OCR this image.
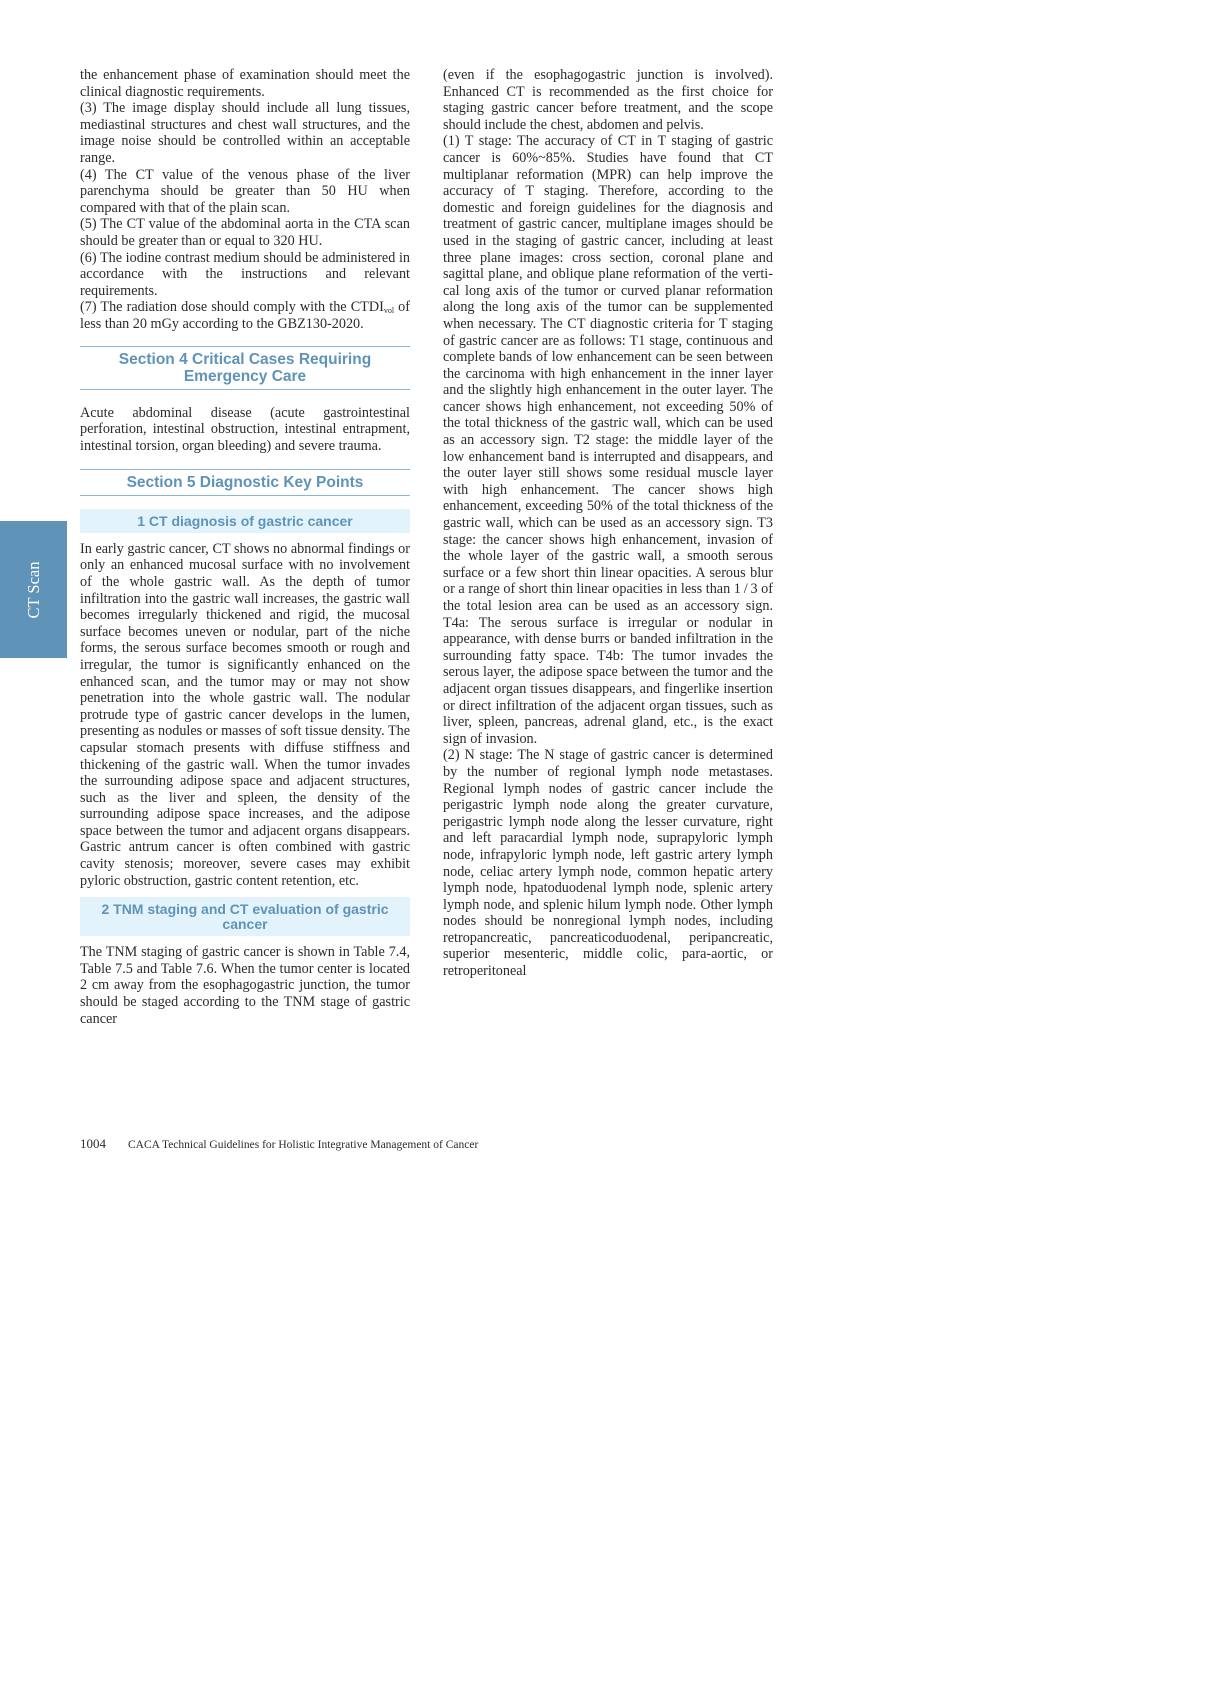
CT Scan

the enhancement phase of examination should meet the clinical diagnostic requirements.

(3) The image display should include all lung tissues, mediastinal structures and chest wall structures, and the image noise should be controlled within an acceptable range.

(4) The CT value of the venous phase of the liver parenchyma should be greater than 50 HU when compared with that of the plain scan.

(5) The CT value of the abdominal aorta in the CTA scan should be greater than or equal to 320 HU.

(6) The iodine contrast medium should be administered in accordance with the instructions and relevant requirements.

(7) The radiation dose should comply with the $CTDI_{vol}$ of less than 20 mGy according to the GBZ130-2020.

Section 4 Critical Cases Requiring Emergency Care

Acute abdominal disease (acute gastrointestinal perforation, intestinal obstruction, intestinal entrapment, intestinal torsion, organ bleeding) and severe trauma.

Section 5 Diagnostic Key Points
1 CT diagnosis of gastric cancer

In early gastric cancer, CT shows no abnormal findings or only an enhanced mucosal surface with no involvement of the whole gastric wall. As the depth of tumor infiltration into the gastric wall increases, the gastric wall becomes irregularly thickened and rigid, the mucosal surface becomes uneven or nodular, part of the niche forms, the serous surface becomes smooth or rough and irregular, the tumor is significantly enhanced on the enhanced scan, and the tumor may or may not show penetration into the whole gastric wall. The nodular protrude type of gastric cancer develops in the lumen, presenting as nodules or masses of soft tissue density. The capsular stomach presents with diffuse stiffness and thickening of the gastric wall. When the tumor invades the surrounding adipose space and adjacent structures, such as the liver and spleen, the density of the surrounding adipose space increases, and the adipose space between the tumor and adjacent organs disappears. Gastric antrum cancer is often combined with gastric cavity stenosis; moreover, severe cases may exhibit pyloric obstruction, gastric content retention, etc.

2 TNM staging and CT evaluation of gastric cancer

The TNM staging of gastric cancer is shown in Table 7.4, Table 7.5 and Table 7.6. When the tumor center is located 2 cm away from the esophagogastric junction, the tumor should be staged according to the TNM stage of gastric cancer

(even if the esophagogastric junction is involved). Enhanced CT is recommended as the first choice for staging gastric cancer before treatment, and the scope should include the chest, abdomen and pelvis.

(1) T stage: The accuracy of CT in T staging of gastric cancer is 60%~85%. Studies have found that CT multiplanar reformation (MPR) can help improve the accuracy of T staging. Therefore, according to the domestic and foreign guidelines for the diagnosis and treatment of gastric cancer, multiplane images should be used in the staging of gastric cancer, including at least three plane images: cross section, coronal plane and sagittal plane, and oblique plane reformation of the vertical long axis of the tumor or curved planar reformation along the long axis of the tumor can be supplemented when necessary. The CT diagnostic criteria for T staging of gastric cancer are as follows: T1 stage, continuous and complete bands of low enhancement can be seen between the carcinoma with high enhancement in the inner layer and the slightly high enhancement in the outer layer. The cancer shows high enhancement, not exceeding 50% of the total thickness of the gastric wall, which can be used as an accessory sign. T2 stage: the middle layer of the low enhancement band is interrupted and disappears, and the outer layer still shows some residual muscle layer with high enhancement. The cancer shows high enhancement, exceeding 50% of the total thickness of the gastric wall, which can be used as an accessory sign. T3 stage: the cancer shows high enhancement, invasion of the whole layer of the gastric wall, a smooth serous surface or a few short thin linear opacities. A serous blur or a range of short thin linear opacities in less than 1 / 3 of the total lesion area can be used as an accessory sign. T4a: The serous surface is irregular or nodular in appearance, with dense burrs or banded infiltration in the surrounding fatty space. T4b: The tumor invades the serous layer, the adipose space between the tumor and the adjacent organ tissues disappears, and fingerlike insertion or direct infiltration of the adjacent organ tissues, such as liver, spleen, pancreas, adrenal gland, etc., is the exact sign of invasion.

(2) N stage: The N stage of gastric cancer is determined by the number of regional lymph node metastases. Regional lymph nodes of gastric cancer include the perigastric lymph node along the greater curvature, perigastric lymph node along the lesser curvature, right and left paracardial lymph node, suprapyloric lymph node, infrapyloric lymph node, left gastric artery lymph node, celiac artery lymph node, common hepatic artery lymph node, hpatoduodenal lymph node, splenic artery lymph node, and splenic hilum lymph node. Other lymph nodes should be nonregional lymph nodes, including retropancreatic, pancreaticoduodenal, peripancreatic, superior mesenteric, middle colic, para-aortic, or retroperitoneal

1004 CACA Technical Guidelines for Holistic Integrative Management of Cancer
